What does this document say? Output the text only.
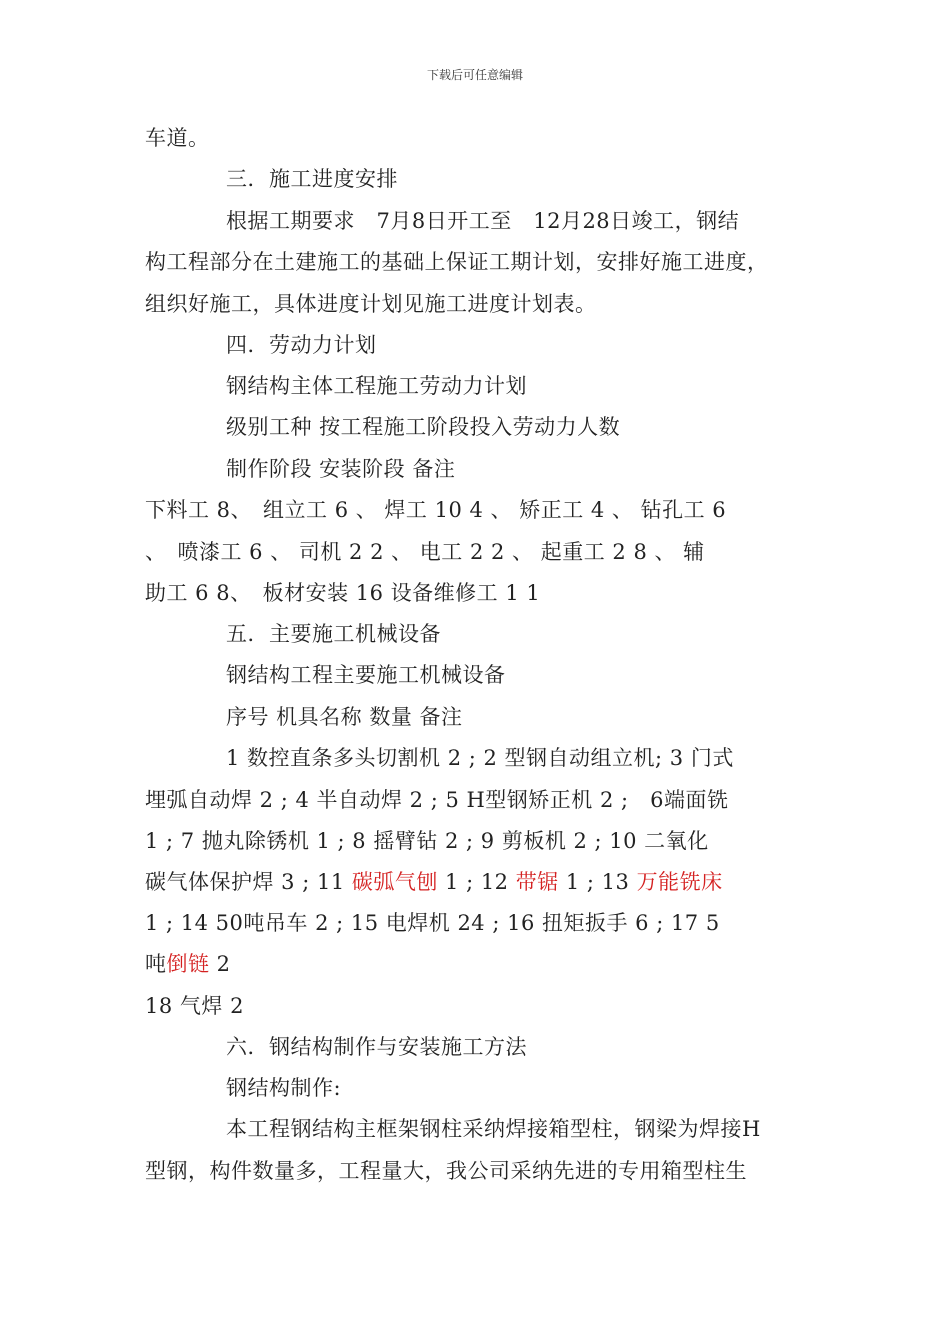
下载后可任意编辑
车道。
三．施工进度安排
根据工期要求　7月8日开工至　12月28日竣工，钢结
构工程部分在土建施工的基础上保证工期计划，安排好施工进度，
组织好施工，具体进度计划见施工进度计划表。
四．劳动力计划
钢结构主体工程施工劳动力计划
级别工种 按工程施工阶段投入劳动力人数
制作阶段 安装阶段 备注
下料工 8、　组立工 6 、 焊工 10 4 、 矫正工 4 、 钻孔工 6
、　喷漆工 6 、 司机 2 2 、 电工 2 2 、 起重工 2 8 、 辅
助工 6 8、　板材安装 16 设备维修工 1 1
五．主要施工机械设备
钢结构工程主要施工机械设备
序号 机具名称 数量 备注
1 数控直条多头切割机 2 ; 2 型钢自动组立机; 3 门式
埋弧自动焊 2 ; 4 半自动焊 2 ; 5 H型钢矫正机 2 ;　6端面铣
1 ; 7 抛丸除锈机 1 ; 8 摇臂钻 2 ; 9 剪板机 2 ; 10 二氧化
碳气体保护焊 3 ; 11 碳弧气刨 1 ; 12 带锯 1 ; 13 万能铣床
1 ; 14 50吨吊车 2 ; 15 电焊机 24 ; 16 扭矩扳手 6 ; 17 5
吨倒链 2
18 气焊 2
六．钢结构制作与安装施工方法
钢结构制作:
本工程钢结构主框架钢柱采纳焊接箱型柱，钢梁为焊接H
型钢，构件数量多，工程量大，我公司采纳先进的专用箱型柱生
